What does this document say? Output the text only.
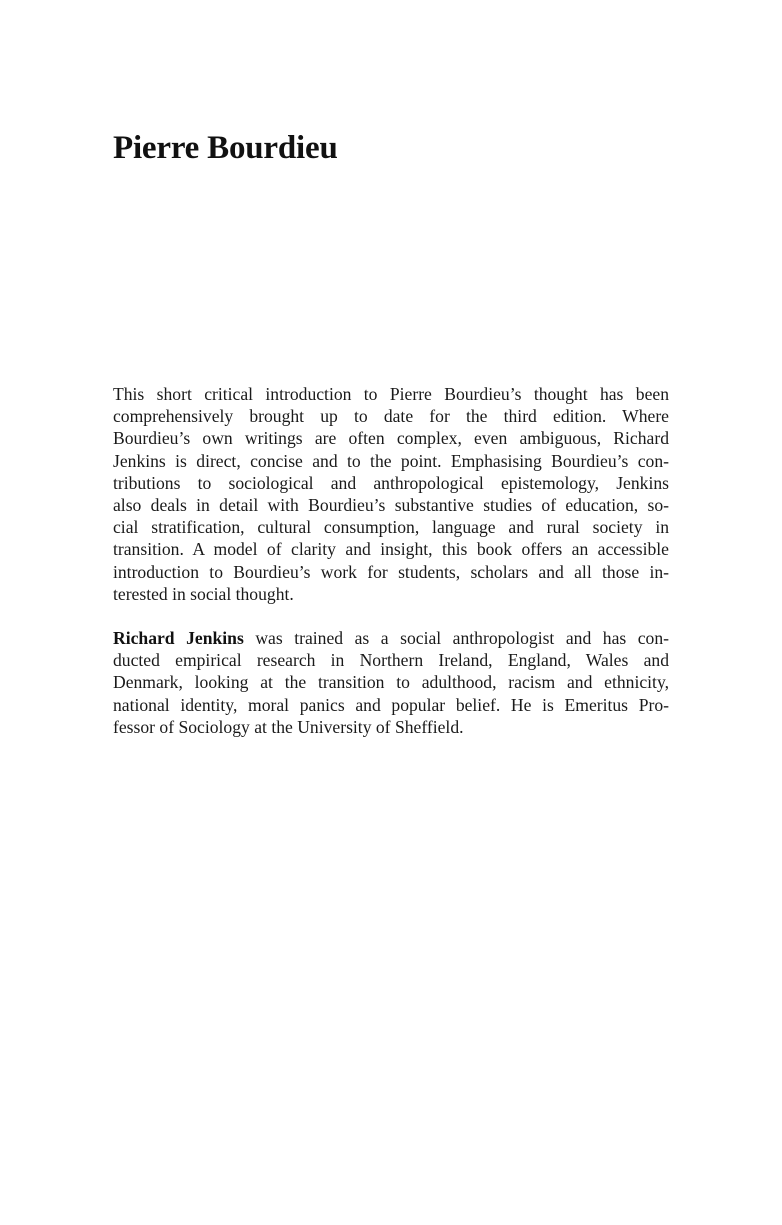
Pierre Bourdieu
This short critical introduction to Pierre Bourdieu’s thought has been
comprehensively brought up to date for the third edition. Where
Bourdieu’s own writings are often complex, even ambiguous, Richard
Jenkins is direct, concise and to the point. Emphasising Bourdieu’s con-
tributions to sociological and anthropological epistemology, Jenkins
also deals in detail with Bourdieu’s substantive studies of education, so-
cial stratification, cultural consumption, language and rural society in
transition. A model of clarity and insight, this book offers an accessible
introduction to Bourdieu’s work for students, scholars and all those in-
terested in social thought.
Richard Jenkins was trained as a social anthropologist and has con-
ducted empirical research in Northern Ireland, England, Wales and
Denmark, looking at the transition to adulthood, racism and ethnicity,
national identity, moral panics and popular belief. He is Emeritus Pro-
fessor of Sociology at the University of Sheffield.
